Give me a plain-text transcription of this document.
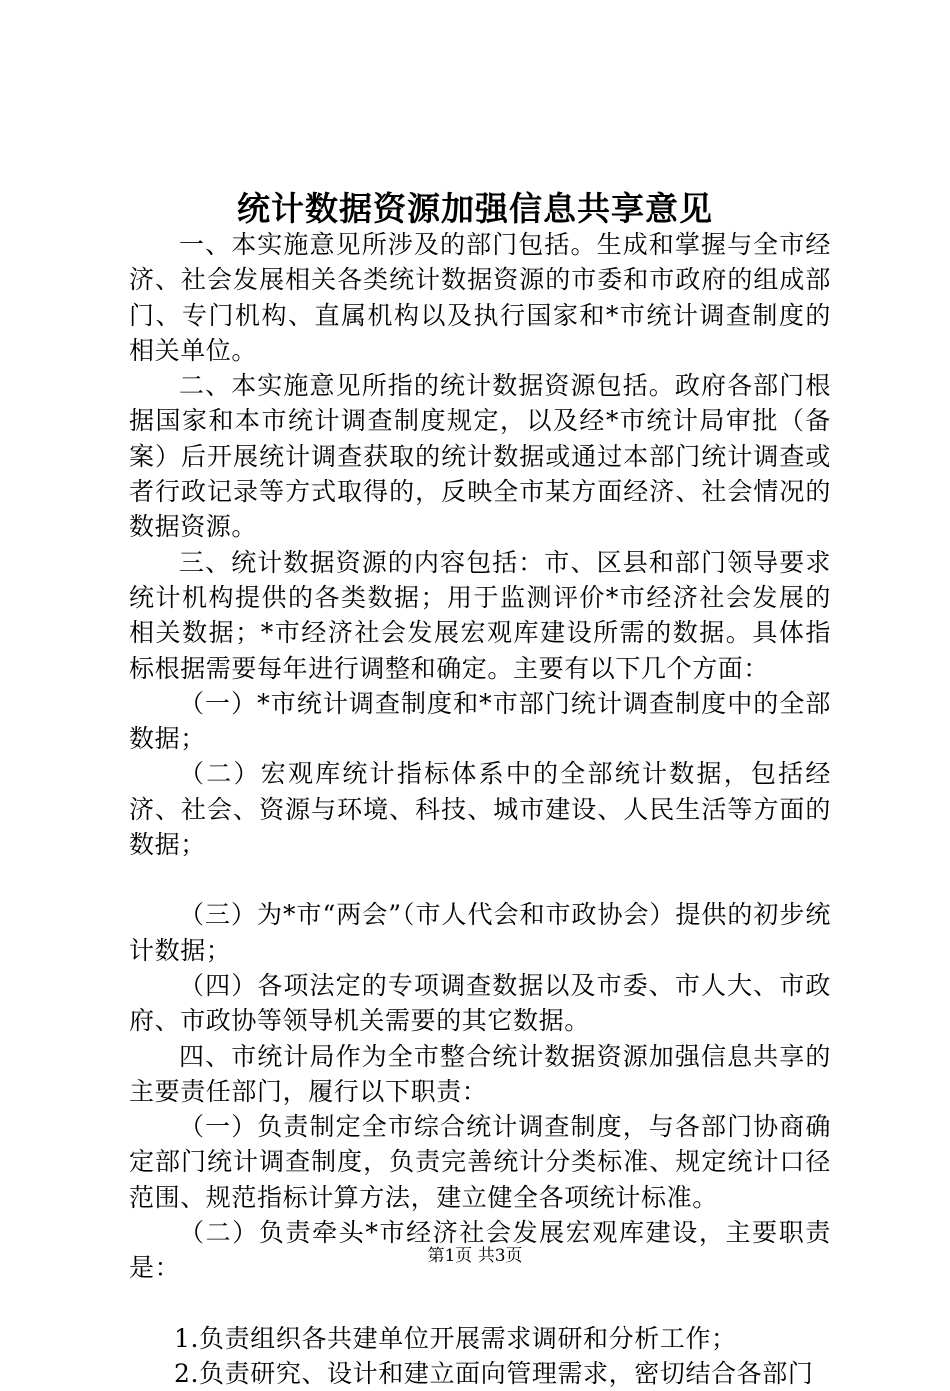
统计数据资源加强信息共享意见

一、本实施意见所涉及的部门包括。生成和掌握与全市经济、社会发展相关各类统计数据资源的市委和市政府的组成部门、专门机构、直属机构以及执行国家和*市统计调查制度的相关单位。

二、本实施意见所指的统计数据资源包括。政府各部门根据国家和本市统计调查制度规定，以及经*市统计局审批（备案）后开展统计调查获取的统计数据或通过本部门统计调查或者行政记录等方式取得的，反映全市某方面经济、社会情况的数据资源。

三、统计数据资源的内容包括：市、区县和部门领导要求统计机构提供的各类数据；用于监测评价*市经济社会发展的相关数据；*市经济社会发展宏观库建设所需的数据。具体指标根据需要每年进行调整和确定。主要有以下几个方面：

（一）*市统计调查制度和*市部门统计调查制度中的全部数据；

（二）宏观库统计指标体系中的全部统计数据，包括经济、社会、资源与环境、科技、城市建设、人民生活等方面的数据；

（三）为*市“两会”（市人代会和市政协会）提供的初步统计数据；

（四）各项法定的专项调查数据以及市委、市人大、市政府、市政协等领导机关需要的其它数据。

四、市统计局作为全市整合统计数据资源加强信息共享的主要责任部门，履行以下职责：

（一）负责制定全市综合统计调查制度，与各部门协商确定部门统计调查制度，负责完善统计分类标准、规定统计口径范围、规范指标计算方法，建立健全各项统计标准。

（二）负责牵头*市经济社会发展宏观库建设，主要职责是：

1.负责组织各共建单位开展需求调研和分析工作；

2.负责研究、设计和建立面向管理需求，密切结合各部门

第1页 共3页
